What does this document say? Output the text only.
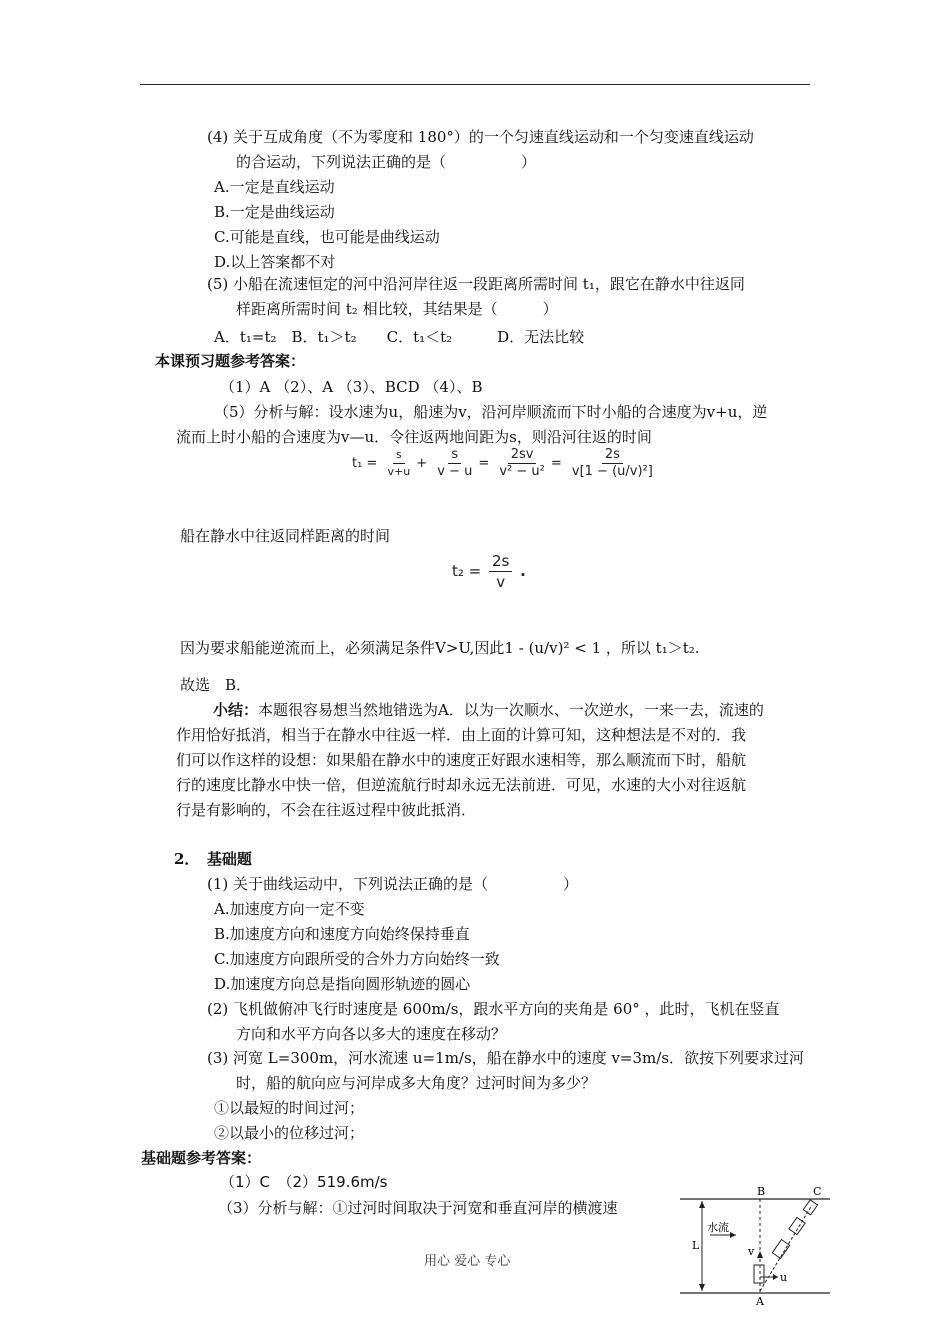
(4) 关于互成角度（不为零度和 180°）的一个匀速直线运动和一个匀变速直线运动
的合运动，下列说法正确的是（　　　　　）
A.一定是直线运动
B.一定是曲线运动
C.可能是直线，也可能是曲线运动
D.以上答案都不对
(5) 小船在流速恒定的河中沿河岸往返一段距离所需时间 t₁，跟它在静水中往返同
样距离所需时间 t₂ 相比较，其结果是（　　　）
A．t₁=t₂　B．t₁＞t₂　　C．t₁＜t₂　　　D．无法比较
本课预习题参考答案：
（1）A （2）、A （3）、BCD （4）、B
（5）分析与解：设水速为u，船速为v，沿河岸顺流而下时小船的合速度为v+u，逆
流而上时小船的合速度为v—u．令往返两地间距为s，则沿河往返的时间
$t_1 = \frac{s}{v+u} + \frac{s}{v - u} = \frac{2sv}{\text{v² − u²}} = \frac{2s}{\text{v[1 − (u/v)²]}}$
船在静水中往返同样距离的时间
$t_2 = \frac{2s}{v}$ .
因为要求船能逆流而上，必须满足条件V>U,因此1 - (u/v)² < 1 ，所以 t₁＞t₂.
故选　B．
小结：本题很容易想当然地错选为A．以为一次顺水、一次逆水，一来一去，流速的
作用恰好抵消，相当于在静水中往返一样．由上面的计算可知，这种想法是不对的．我
们可以作这样的设想：如果船在静水中的速度正好跟水速相等，那么顺流而下时，船航
行的速度比静水中快一倍，但逆流航行时却永远无法前进．可见，水速的大小对往返航
行是有影响的，不会在往返过程中彼此抵消．
2．　基础题
(1) 关于曲线运动中，下列说法正确的是（　　　　　）
A.加速度方向一定不变
B.加速度方向和速度方向始终保持垂直
C.加速度方向跟所受的合外力方向始终一致
D.加速度方向总是指向圆形轨迹的圆心
(2) 飞机做俯冲飞行时速度是 600m/s，跟水平方向的夹角是 60° ，此时，飞机在竖直
方向和水平方向各以多大的速度在移动？
(3) 河宽 L=300m，河水流速 u=1m/s，船在静水中的速度 v=3m/s．欲按下列要求过河
时，船的航向应与河岸成多大角度？过河时间为多少？
①以最短的时间过河；
②以最小的位移过河；
基础题参考答案：
（1）C　（2）519.6m/s
（3）分析与解：①过河时间取决于河宽和垂直河岸的横渡速
B	C
L
水流
v
u
A
用心 爱心 专心
